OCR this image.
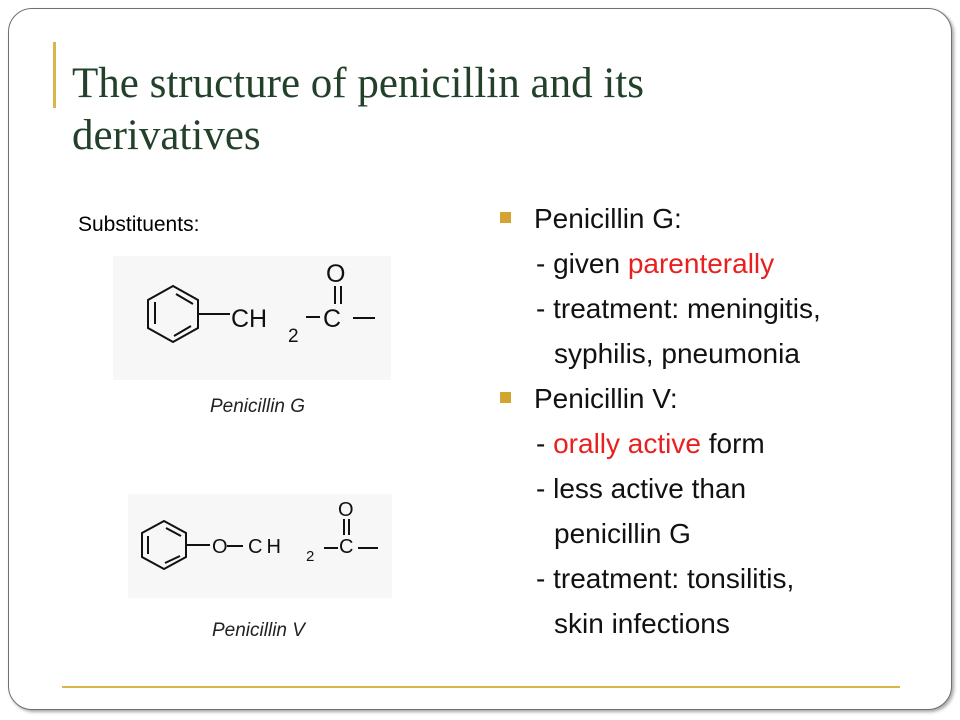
The structure of penicillin and its
derivatives
Substituents:
O
CH
2
C
Penicillin G
O
O CH 2 C
Penicillin V
Penicillin G:
- given parenterally
- treatment: meningitis,
syphilis, pneumonia
Penicillin V:
- orally active form
- less active than
penicillin G
- treatment: tonsilitis,
skin infections
